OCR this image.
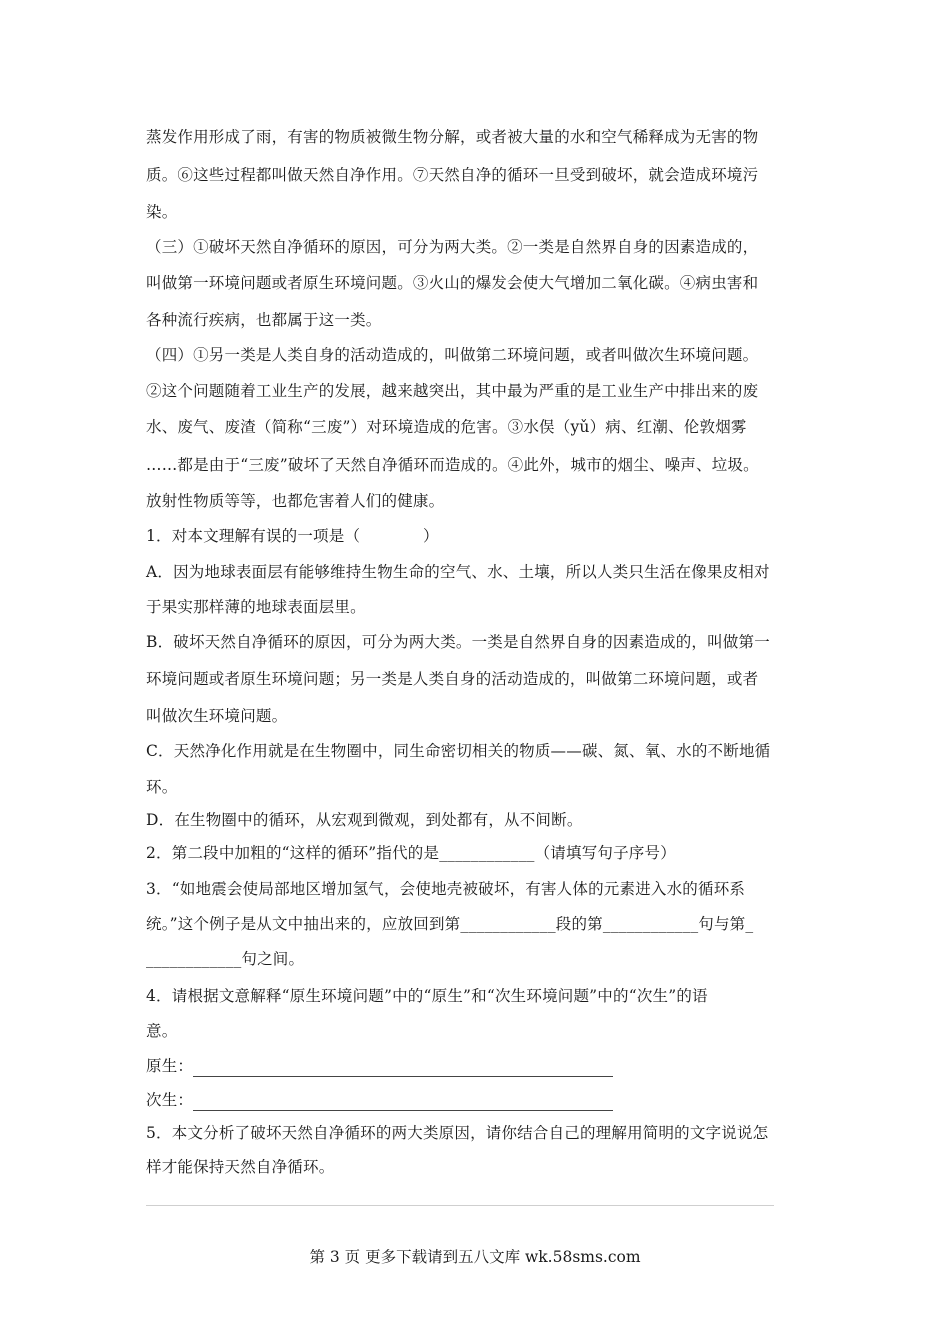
蒸发作用形成了雨，有害的物质被微生物分解，或者被大量的水和空气稀释成为无害的物
质。⑥这些过程都叫做天然自净作用。⑦天然自净的循环一旦受到破坏，就会造成环境污
染。
（三）①破坏天然自净循环的原因，可分为两大类。②一类是自然界自身的因素造成的，
叫做第一环境问题或者原生环境问题。③火山的爆发会使大气增加二氧化碳。④病虫害和
各种流行疾病，也都属于这一类。
（四）①另一类是人类自身的活动造成的，叫做第二环境问题，或者叫做次生环境问题。
②这个问题随着工业生产的发展，越来越突出，其中最为严重的是工业生产中排出来的废
水、废气、废渣（简称“三废”）对环境造成的危害。③水俣（yǔ）病、红潮、伦敦烟雾
……都是由于“三废”破坏了天然自净循环而造成的。④此外，城市的烟尘、噪声、垃圾。
放射性物质等等，也都危害着人们的健康。
1．对本文理解有误的一项是（　　　　）
A．因为地球表面层有能够维持生物生命的空气、水、土壤，所以人类只生活在像果皮相对
于果实那样薄的地球表面层里。
B．破坏天然自净循环的原因，可分为两大类。一类是自然界自身的因素造成的，叫做第一
环境问题或者原生环境问题；另一类是人类自身的活动造成的，叫做第二环境问题，或者
叫做次生环境问题。
C．天然净化作用就是在生物圈中，同生命密切相关的物质——碳、氮、氧、水的不断地循
环。
D．在生物圈中的循环，从宏观到微观，到处都有，从不间断。
2．第二段中加粗的“这样的循环”指代的是____________（请填写句子序号）
3．“如地震会使局部地区增加氢气，会使地壳被破坏，有害人体的元素进入水的循环系
统。”这个例子是从文中抽出来的，应放回到第____________段的第____________句与第_
____________句之间。
4．请根据文意解释“原生环境问题”中的“原生”和“次生环境问题”中的“次生”的语
意。
原生：
次生：
5．本文分析了破坏天然自净循环的两大类原因，请你结合自己的理解用简明的文字说说怎
样才能保持天然自净循环。
第 3 页 更多下载请到五八文库 wk.58sms.com
